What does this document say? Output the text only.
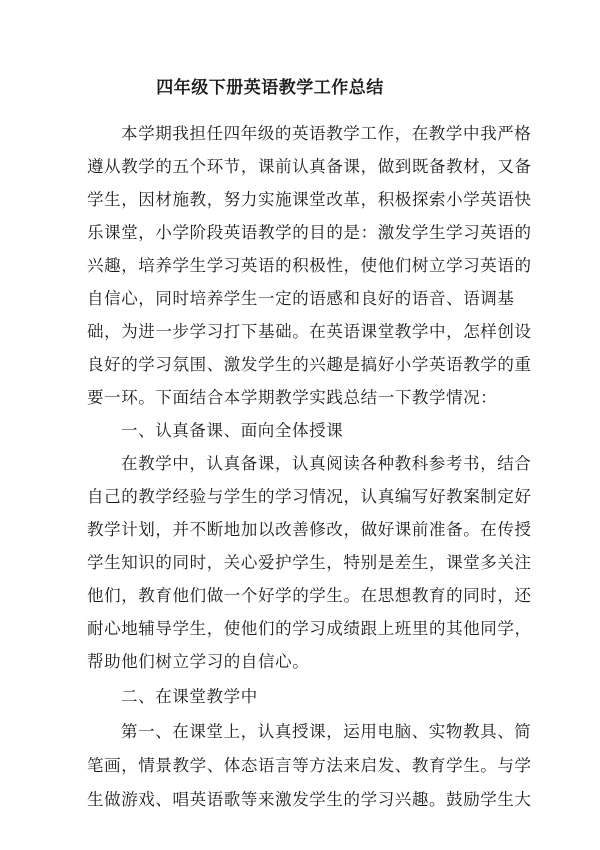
四年级下册英语教学工作总结
本学期我担任四年级的英语教学工作，在教学中我严格
遵从教学的五个环节，课前认真备课，做到既备教材，又备
学生，因材施教，努力实施课堂改革，积极探索小学英语快
乐课堂，小学阶段英语教学的目的是：激发学生学习英语的
兴趣，培养学生学习英语的积极性，使他们树立学习英语的
自信心，同时培养学生一定的语感和良好的语音、语调基
础，为进一步学习打下基础。在英语课堂教学中，怎样创设
良好的学习氛围、激发学生的兴趣是搞好小学英语教学的重
要一环。下面结合本学期教学实践总结一下教学情况：
一、认真备课、面向全体授课
在教学中，认真备课，认真阅读各种教科参考书，结合
自己的教学经验与学生的学习情况，认真编写好教案制定好
教学计划，并不断地加以改善修改，做好课前准备。在传授
学生知识的同时，关心爱护学生，特别是差生，课堂多关注
他们，教育他们做一个好学的学生。在思想教育的同时，还
耐心地辅导学生，使他们的学习成绩跟上班里的其他同学，
帮助他们树立学习的自信心。
二、在课堂教学中
第一、在课堂上，认真授课，运用电脑、实物教具、简
笔画，情景教学、体态语言等方法来启发、教育学生。与学
生做游戏、唱英语歌等来激发学生的学习兴趣。鼓励学生大
